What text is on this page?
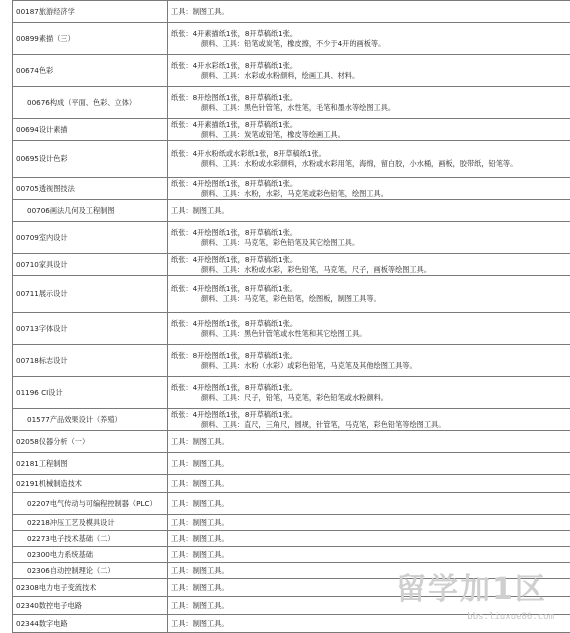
00187旅游经济学	工具：制图工具。

00899素描（三）	纸张：4开素描纸1张，8开草稿纸1张。
颜料、工具：铅笔或炭笔，橡皮擦，不少于4开的画板等。

00674色彩	纸张：4开水彩纸1张，8开草稿纸1张。
颜料、工具：水彩或水粉颜料，绘画工具、材料。

00676构成（平面、色彩、立体）	纸张：8开绘图纸1张，8开草稿纸1张。
颜料、工具：黑色针管笔，水性笔，毛笔和墨水等绘图工具。

00694设计素描	纸张：4开素描纸1张，8开草稿纸1张。
颜料、工具：炭笔或铅笔，橡皮等绘画工具。

00695设计色彩	纸张：4开水粉纸或水彩纸1张，8开草稿纸1张。
颜料、工具：水粉或水彩颜料，水粉或水彩用笔，海绵，留白胶，小水桶，画板，胶带纸，铅笔等。

00705透视图技法	纸张：4开绘图纸1张，8开草稿纸1张。
颜料、工具：水粉，水彩，马克笔或彩色铅笔，绘图工具。

00706画法几何及工程制图	工具：制图工具。

00709室内设计	纸张：4开绘图纸1张，8开草稿纸1张。
颜料、工具：马克笔，彩色铅笔及其它绘图工具。

00710家具设计	纸张：4开绘图纸1张，8开草稿纸1张。
颜料、工具：水粉或水彩，彩色铅笔，马克笔，尺子，画板等绘图工具。

00711展示设计	纸张：4开绘图纸1张，8开草稿纸1张。
颜料、工具：马克笔，彩色铅笔，绘图板，制图工具等。

00713字体设计	纸张：4开绘图纸1张，8开草稿纸1张。
颜料、工具：黑色针管笔或水性笔和其它绘图工具。

00718标志设计	纸张：8开绘图纸1张，8开草稿纸1张。
颜料、工具：水粉（水彩）或彩色铅笔，马克笔及其他绘图工具等。

01196 CI设计	纸张：4开绘图纸1张，8开草稿纸1张。
颜料、工具：尺子，铅笔，马克笔，彩色铅笔或水粉颜料。

01577产品效果设计（养殖）	纸张：4开绘图纸1张，8开草稿纸1张。
颜料、工具：直尺，三角尺，圆规，针管笔，马克笔，彩色铅笔等绘图工具。

02058仪器分析（一）	工具：制图工具。

02181工程制图	工具：制图工具。

02191机械制造技术	工具：制图工具。

02207电气传动与可编程控制器（PLC）	工具：制图工具。

02218冲压工艺及模具设计	工具：制图工具。

02273电子技术基础（二）	工具：制图工具。

02300电力系统基础	工具：制图工具。

02306自动控制理论（二）	工具：制图工具。

02308电力电子变流技术	工具：制图工具。

02340数控电子电路	工具：制图工具。

02344数字电路	工具：制图工具。
留学加1区
bbs.liuxue86.com
